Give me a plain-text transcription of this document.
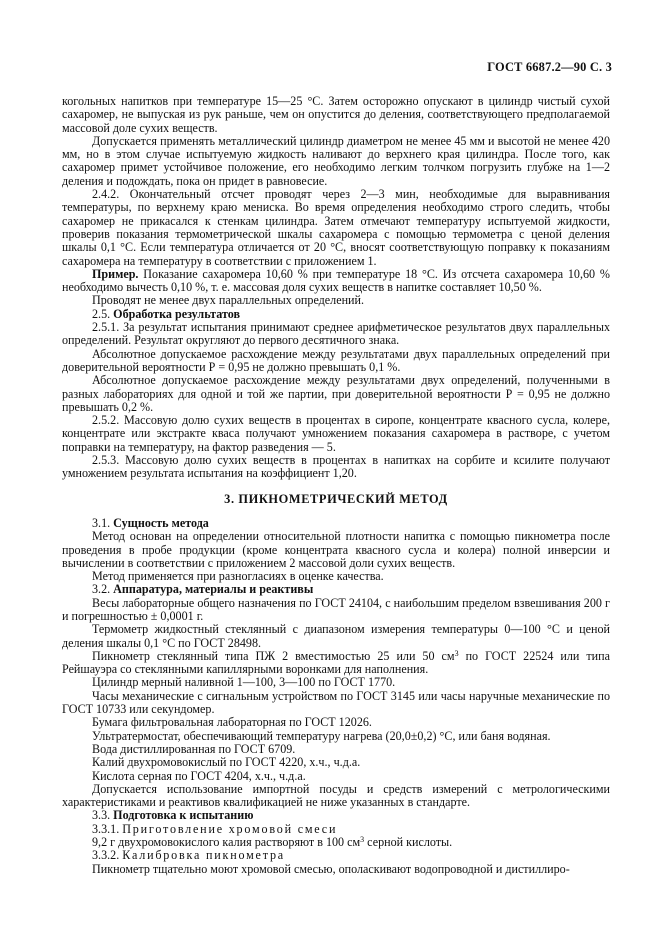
ГОСТ 6687.2—90 С. 3

когольных напитков при температуре 15—25 °С. Затем осторожно опускают в цилиндр чистый сухой сахаромер, не выпуская из рук раньше, чем он опустится до деления, соответствующего предполагаемой массовой доле сухих веществ.

Допускается применять металлический цилиндр диаметром не менее 45 мм и высотой не менее 420 мм, но в этом случае испытуемую жидкость наливают до верхнего края цилиндра. После того, как сахаромер примет устойчивое положение, его необходимо легким толчком погрузить глубже на 1—2 деления и подождать, пока он придет в равновесие.

2.4.2. Окончательный отсчет проводят через 2—3 мин, необходимые для выравнивания температуры, по верхнему краю мениска. Во время определения необходимо строго следить, чтобы сахаромер не прикасался к стенкам цилиндра. Затем отмечают температуру испытуемой жидкости, проверив показания термометрической шкалы сахаромера с помощью термометра с ценой деления шкалы 0,1 °С. Если температура отличается от 20 °С, вносят соответствующую поправку к показаниям сахаромера на температуру в соответствии с приложением 1.

Пример. Показание сахаромера 10,60 % при температуре 18 °С. Из отсчета сахаромера 10,60 % необходимо вычесть 0,10 %, т. е. массовая доля сухих веществ в напитке составляет 10,50 %.

Проводят не менее двух параллельных определений.

2.5. Обработка результатов

2.5.1. За результат испытания принимают среднее арифметическое результатов двух параллельных определений. Результат округляют до первого десятичного знака.

Абсолютное допускаемое расхождение между результатами двух параллельных определений при доверительной вероятности Р = 0,95 не должно превышать 0,1 %.

Абсолютное допускаемое расхождение между результатами двух определений, полученными в разных лабораториях для одной и той же партии, при доверительной вероятности Р = 0,95 не должно превышать 0,2 %.

2.5.2. Массовую долю сухих веществ в процентах в сиропе, концентрате квасного сусла, колере, концентрате или экстракте кваса получают умножением показания сахаромера в растворе, с учетом поправки на температуру, на фактор разведения — 5.

2.5.3. Массовую долю сухих веществ в процентах в напитках на сорбите и ксилите получают умножением результата испытания на коэффициент 1,20.

3. ПИКНОМЕТРИЧЕСКИЙ МЕТОД

3.1. Сущность метода

Метод основан на определении относительной плотности напитка с помощью пикнометра после проведения в пробе продукции (кроме концентрата квасного сусла и колера) полной инверсии и вычислении в соответствии с приложением 2 массовой доли сухих веществ.

Метод применяется при разногласиях в оценке качества.

3.2. Аппаратура, материалы и реактивы

Весы лабораторные общего назначения по ГОСТ 24104, с наибольшим пределом взвешивания 200 г и погрешностью ± 0,0001 г.

Термометр жидкостный стеклянный с диапазоном измерения температуры 0—100 °С и ценой деления шкалы 0,1 °С по ГОСТ 28498.

Пикнометр стеклянный типа ПЖ 2 вместимостью 25 или 50 $см^3$ по ГОСТ 22524 или типа Рейшауэра со стеклянными капиллярными воронками для наполнения.

Цилиндр мерный наливной 1—100, 3—100 по ГОСТ 1770.

Часы механические с сигнальным устройством по ГОСТ 3145 или часы наручные механические по ГОСТ 10733 или секундомер.

Бумага фильтровальная лабораторная по ГОСТ 12026.

Ультратермостат, обеспечивающий температуру нагрева (20,0±0,2) °С, или баня водяная.

Вода дистиллированная по ГОСТ 6709.

Калий двухромовокислый по ГОСТ 4220, х.ч., ч.д.а.

Кислота серная по ГОСТ 4204, х.ч., ч.д.а.

Допускается использование импортной посуды и средств измерений с метрологическими характеристиками и реактивов квалификацией не ниже указанных в стандарте.

3.3. Подготовка к испытанию

3.3.1. Приготовление хромовой смеси

9,2 г двухромовокислого калия растворяют в 100 $см^3$ серной кислоты.

3.3.2. Калибровка пикнометра

Пикнометр тщательно моют хромовой смесью, ополаскивают водопроводной и дистиллиро-
